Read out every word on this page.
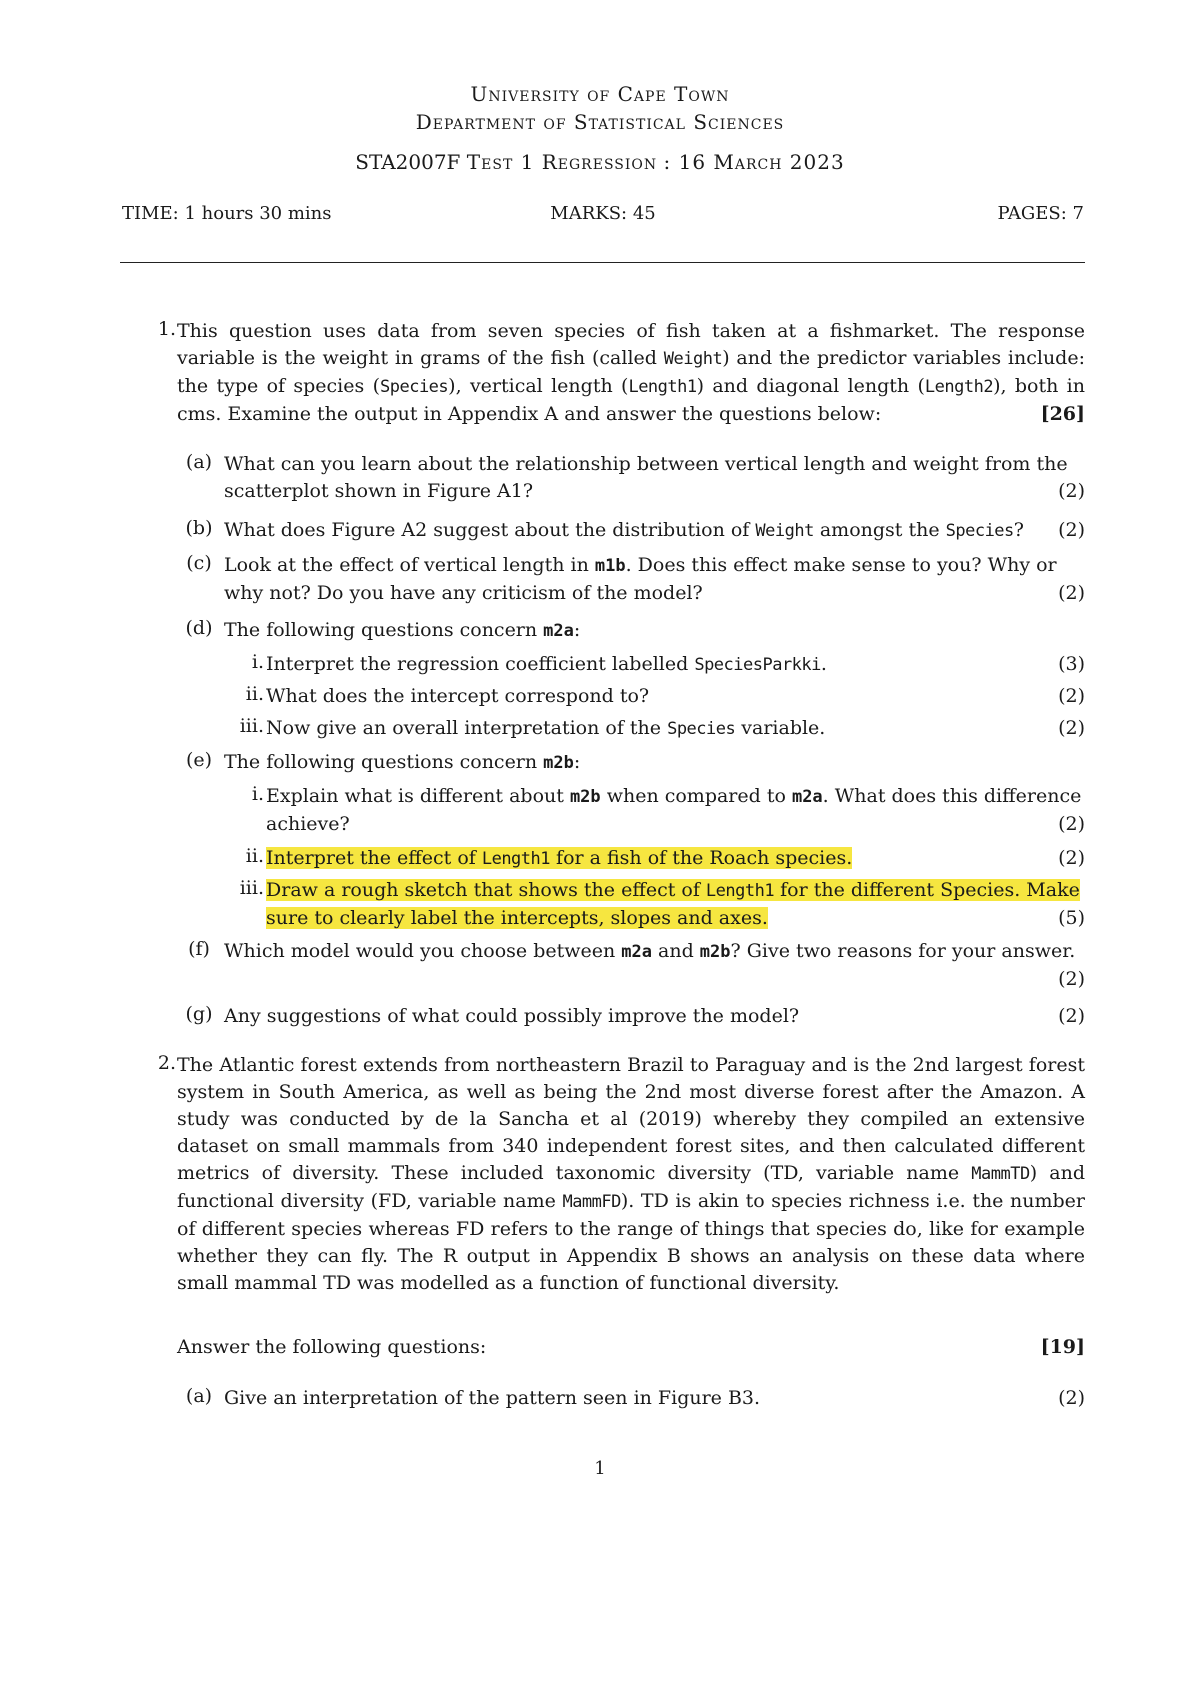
University of Cape Town
Department of Statistical Sciences
STA2007F Test 1 Regression : 16 March 2023
TIME: 1 hours 30 mins	MARKS: 45	PAGES: 7
1. This question uses data from seven species of fish taken at a fishmarket. The response variable is the weight in grams of the fish (called Weight) and the predictor variables include: the type of species (Species), vertical length (Length1) and diagonal length (Length2), both in cms. Examine the output in Appendix A and answer the questions below:	[26]
(a) What can you learn about the relationship between vertical length and weight from the scatterplot shown in Figure A1?	(2)
(b) What does Figure A2 suggest about the distribution of Weight amongst the Species? (2)
(c) Look at the effect of vertical length in m1b. Does this effect make sense to you? Why or why not? Do you have any criticism of the model?	(2)
(d) The following questions concern m2a:
i. Interpret the regression coefficient labelled SpeciesParkki.	(3)
ii. What does the intercept correspond to?	(2)
iii. Now give an overall interpretation of the Species variable.	(2)
(e) The following questions concern m2b:
i. Explain what is different about m2b when compared to m2a. What does this difference achieve?	(2)
ii. Interpret the effect of Length1 for a fish of the Roach species.	(2)
iii. Draw a rough sketch that shows the effect of Length1 for the different Species. Make sure to clearly label the intercepts, slopes and axes.	(5)
(f) Which model would you choose between m2a and m2b? Give two reasons for your answer.
(2)
(g) Any suggestions of what could possibly improve the model?	(2)
2. The Atlantic forest extends from northeastern Brazil to Paraguay and is the 2nd largest forest system in South America, as well as being the 2nd most diverse forest after the Amazon. A study was conducted by de la Sancha et al (2019) whereby they compiled an extensive dataset on small mammals from 340 independent forest sites, and then calculated different metrics of diversity. These included taxonomic diversity (TD, variable name MammTD) and functional diversity (FD, variable name MammFD). TD is akin to species richness i.e. the number of different species whereas FD refers to the range of things that species do, like for example whether they can fly. The R output in Appendix B shows an analysis on these data where small mammal TD was modelled as a function of functional diversity.
Answer the following questions:	[19]
(a) Give an interpretation of the pattern seen in Figure B3.	(2)
1
